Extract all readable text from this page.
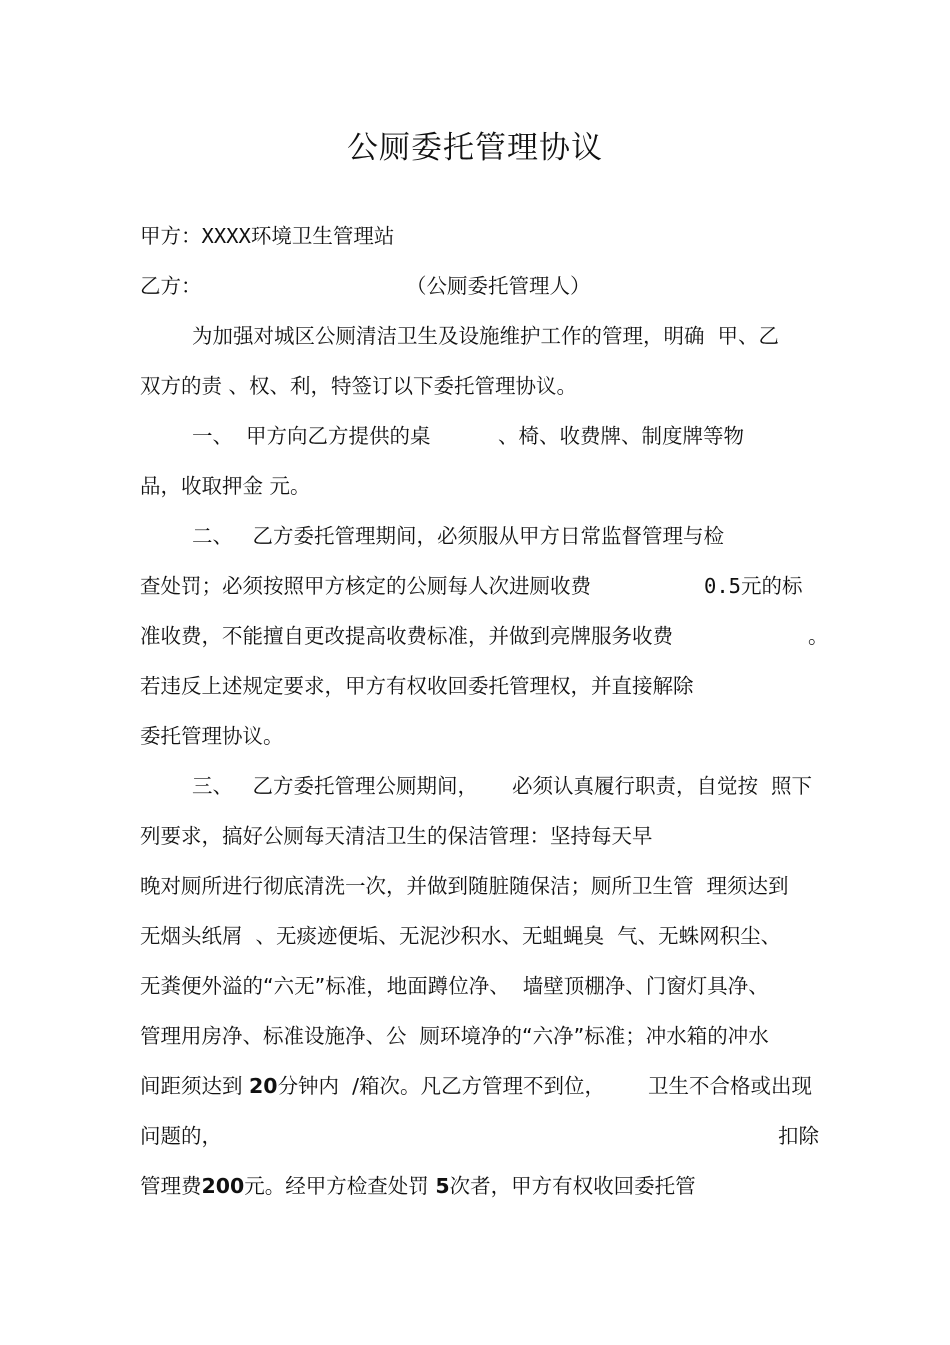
公厕委托管理协议
甲方：XXXX环境卫生管理站
乙方：	（公厕委托管理人）
为加强对城区公厕清洁卫生及设施维护工作的管理，明确  甲、乙
双方的责 、权、利，特签订以下委托管理协议。
一、  甲方向乙方提供的桌	、椅、收费牌、制度牌等物
品，收取押金 元。
二、   乙方委托管理期间，必须服从甲方日常监督管理与检
查处罚；必须按照甲方核定的公厕每人次进厕收费	0.5元的标
准收费，不能擅自更改提高收费标准，并做到亮牌服务收费	。
若违反上述规定要求，甲方有权收回委托管理权，并直接解除
委托管理协议。
三、   乙方委托管理公厕期间， 必须认真履行职责，自觉按  照下
列要求，搞好公厕每天清洁卫生的保洁管理：坚持每天早
晚对厕所进行彻底清洗一次，并做到随脏随保洁；厕所卫生管  理须达到
无烟头纸屑  、无痰迹便垢、无泥沙积水、无蛆蝇臭  气、无蛛网积尘、
无粪便外溢的“六无”标准，地面蹲位净、  墙壁顶棚净、门窗灯具净、
管理用房净、标准设施净、公  厕环境净的“六净”标准；冲水箱的冲水
间距须达到 20分钟内  /箱次。凡乙方管理不到位， 卫生不合格或出现
问题的，	扣除
管理费200元。经甲方检查处罚 5次者，甲方有权收回委托管
